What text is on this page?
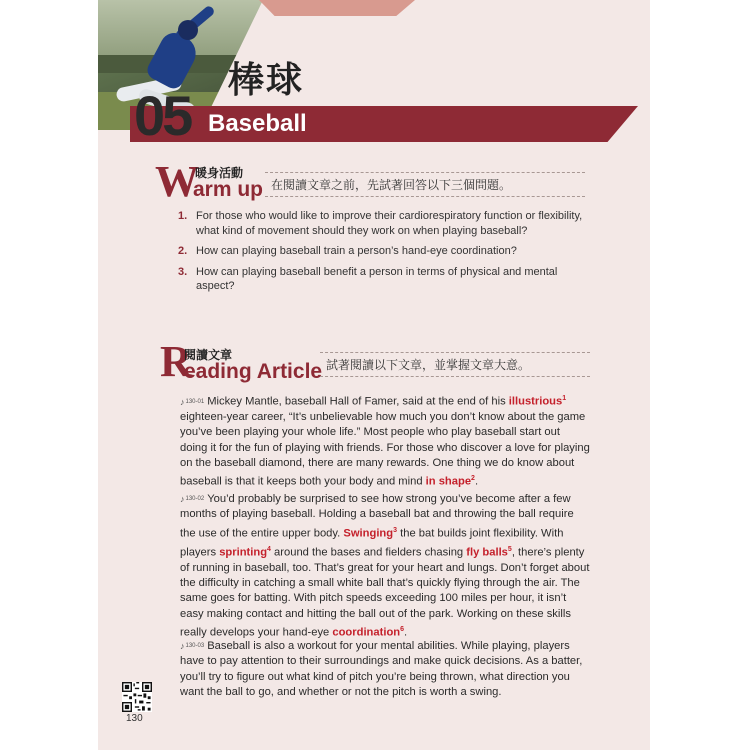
05 Baseball
棒球
W
暖身活動
arm up 在閱讀文章之前，先試著回答以下三個問題。
1. For those who would like to improve their cardiorespiratory function or flexibility, what kind of movement should they work on when playing baseball?
2. How can playing baseball train a person’s hand-eye coordination?
3. How can playing baseball benefit a person in terms of physical and mental aspect?
R
閱讀文章
eading Article 試著閱讀以下文章，並掌握文章大意。
♪130-01 Mickey Mantle, baseball Hall of Famer, said at the end of his illustrious$^1$ eighteen-year career, “It’s unbelievable how much you don’t know about the game you’ve been playing your whole life.” Most people who play baseball start out doing it for the fun of playing with friends. For those who discover a love for playing on the baseball diamond, there are many rewards. One thing we do know about baseball is that it keeps both your body and mind in shape$^2$.
♪130-02 You’d probably be surprised to see how strong you’ve become after a few months of playing baseball. Holding a baseball bat and throwing the ball require the use of the entire upper body. Swinging$^3$ the bat builds joint flexibility. With players sprinting$^4$ around the bases and fielders chasing fly balls$^5$, there’s plenty of running in baseball, too. That’s great for your heart and lungs. Don’t forget about the difficulty in catching a small white ball that’s quickly flying through the air. The same goes for batting. With pitch speeds exceeding 100 miles per hour, it isn’t easy making contact and hitting the ball out of the park. Working on these skills really develops your hand-eye coordination$^6$.
♪130-03 Baseball is also a workout for your mental abilities. While playing, players have to pay attention to their surroundings and make quick decisions. As a batter, you’ll try to figure out what kind of pitch you’re being thrown, what direction you want the ball to go, and whether or not the pitch is worth a swing.
130
